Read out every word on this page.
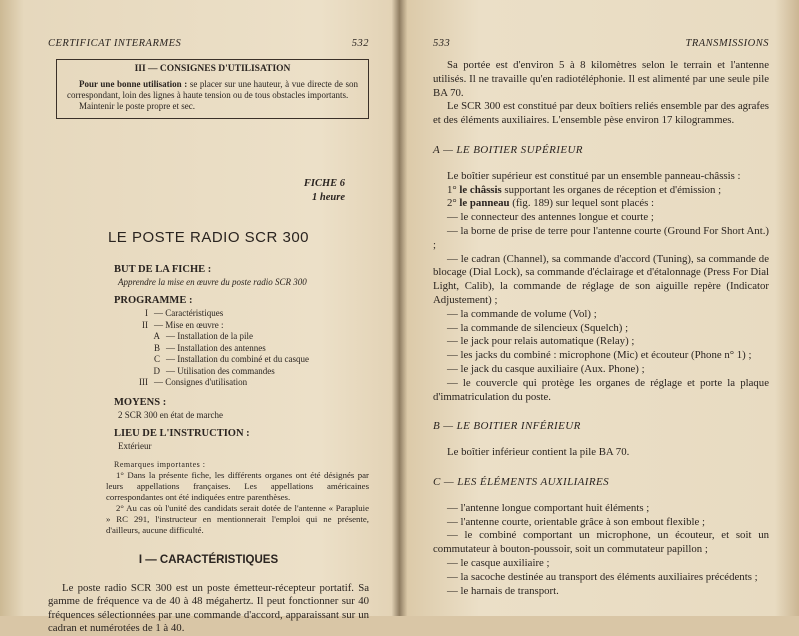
CERTIFICAT INTERARMES	532
III — CONSIGNES D'UTILISATION

Pour une bonne utilisation : se placer sur une hauteur, à vue directe de son correspondant, loin des lignes à haute tension ou de tous obstacles importants.

Maintenir le poste propre et sec.

FICHE 6
1 heure
LE POSTE RADIO SCR 300
BUT DE LA FICHE :
Apprendre la mise en œuvre du poste radio SCR 300
PROGRAMME :
I — Caractéristiques
II — Mise en œuvre :
A — Installation de la pile
B — Installation des antennes
C — Installation du combiné et du casque
D — Utilisation des commandes
III — Consignes d'utilisation
MOYENS :
2 SCR 300 en état de marche
LIEU DE L'INSTRUCTION :
Extérieur
Remarques importantes :

1° Dans la présente fiche, les différents organes ont été désignés par leurs appellations françaises. Les appellations américaines correspondantes ont été indiquées entre parenthèses.

2° Au cas où l'unité des candidats serait dotée de l'antenne « Parapluie » RC 291, l'instructeur en mentionnerait l'emploi qui ne présente, d'ailleurs, aucune difficulté.

I — CARACTÉRISTIQUES

Le poste radio SCR 300 est un poste émetteur-récepteur portatif. Sa gamme de fréquence va de 40 à 48 mégahertz. Il peut fonctionner sur 40 fréquences sélectionnées par une commande d'accord, apparaissant sur un cadran et numérotées de 1 à 40.

533	TRANSMISSIONS

Sa portée est d'environ 5 à 8 kilomètres selon le terrain et l'antenne utilisés. Il ne travaille qu'en radiotéléphonie. Il est alimenté par une seule pile BA 70.

Le SCR 300 est constitué par deux boîtiers reliés ensemble par des agrafes et des éléments auxiliaires. L'ensemble pèse environ 17 kilogrammes.

A — LE BOITIER SUPÉRIEUR

Le boîtier supérieur est constitué par un ensemble panneau-châssis :

1° le châssis supportant les organes de réception et d'émission ;

2° le panneau (fig. 189) sur lequel sont placés :

— le connecteur des antennes longue et courte ;

— la borne de prise de terre pour l'antenne courte (Ground For Short Ant.) ;

— le cadran (Channel), sa commande d'accord (Tuning), sa commande de blocage (Dial Lock), sa commande d'éclairage et d'étalonnage (Press For Dial Light, Calib), la commande de réglage de son aiguille repère (Indicator Adjustement) ;

— la commande de volume (Vol) ;

— la commande de silencieux (Squelch) ;

— le jack pour relais automatique (Relay) ;

— les jacks du combiné : microphone (Mic) et écouteur (Phone n° 1) ;

— le jack du casque auxiliaire (Aux. Phone) ;

— le couvercle qui protège les organes de réglage et porte la plaque d'immatriculation du poste.

B — LE BOITIER INFÉRIEUR

Le boîtier inférieur contient la pile BA 70.

C — LES ÉLÉMENTS AUXILIAIRES

— l'antenne longue comportant huit éléments ;

— l'antenne courte, orientable grâce à son embout flexible ;

— le combiné comportant un microphone, un écouteur, et soit un commutateur à bouton-poussoir, soit un commutateur papillon ;

— le casque auxiliaire ;

— la sacoche destinée au transport des éléments auxiliaires précédents ;

— le harnais de transport.
